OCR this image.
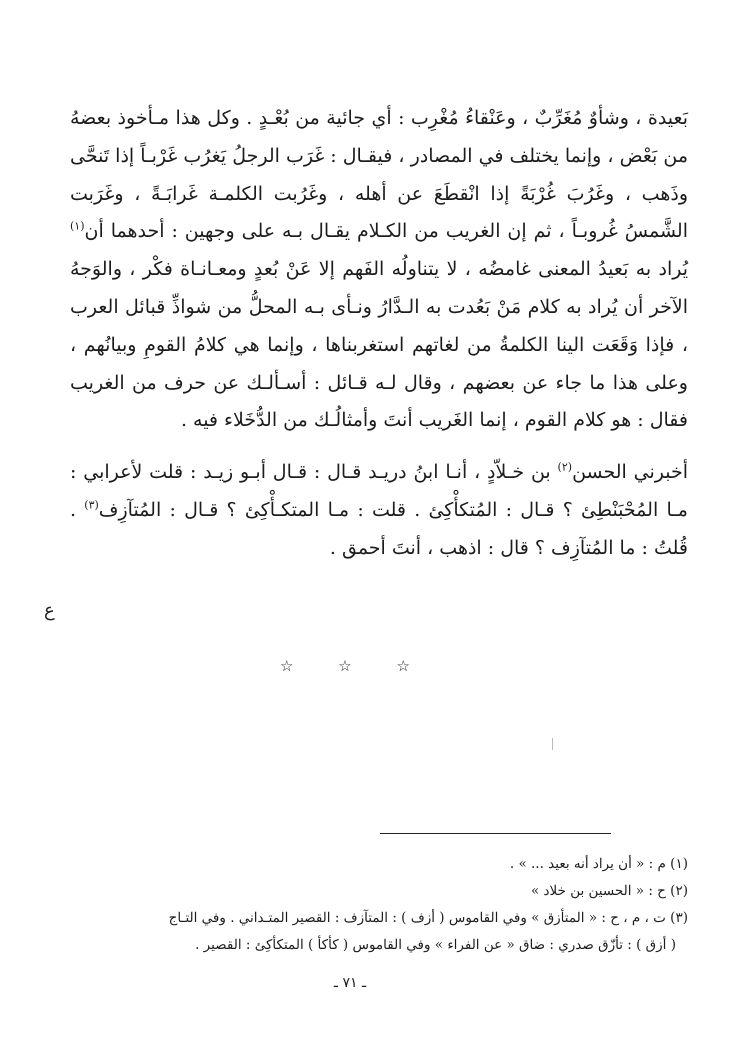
بَعيدة ، وشأوٌ مُغَرِّبٌ ، وعَنْقاءُ مُغْرِب : أي جائية من بُعْـدٍ . وكل هذا مـأخوذ بعضهُ من بَعْض ، وإنما يختلف في المصادر ، فيقـال : غَرَب الرجلُ يَغرُب غَرْبـاً إذا تَنحَّى وذَهب ، وغَرُبَ غُرْبَةً إذا انْقطَعَ عن أهله ، وغَرُبت الكلمـة غَرابَـةً ، وغَرَبت الشَّمسُ غُروبـاً ، ثم إن الغريب من الكـلام يقـال بـه على وجهين : أحدهما أن$^{(١)}$ يُراد به بَعيدُ المعنى غامضُه ، لا يتناولُه الفَهم إلا عَنْ بُعدٍ ومعـانـاة فكْر ، والوَجهُ الآخر أن يُراد به كلام مَنْ بَعُدت به الـدَّارُ ونـأى بـه المحلُّ من شواذِّ قبائل العرب ، فإذا وَقَعَت الينا الكلمةُ من لغاتهم استغربناها ، وإنما هي كلامُ القومِ وبيانُهم ، وعلى هذا ما جاء عن بعضهم ، وقال لـه قـائل : أسـألـك عن حرف من الغريب فقال : هو كلام القوم ، إنما الغَريب أنتَ وأمثالُـك من الدُّخَلاء فيه .

أخبرني الحسن$^{(٢)}$ بن خـلاّدٍ ، أنـا ابنُ دريـد قـال : قـال أبـو زيـد : قلت لأعرابي : مـا المُحْبَنْطِئ ؟ قـال : المُتكأْكِئ . قلت : مـا المتكـأْكِئ ؟ قـال : المُتآزِف$^{(٣)}$ . قُلتُ : ما المُتآزِف ؟ قال : اذهب ، أنتَ أحمق .

ع
☆	☆	☆

(١) م : « أن يراد أنه بعيد ... » .

(٢) ح : « الحسين بن خلاد »

(٣) ت ، م ، ح : « المتأزق » وفي القاموس ( أزف ) : المتآزف : القصير المتـداني . وفي التـاج

( أزق ) : تأزّق صدري : ضاق « عن الفراء » وفي القاموس ( كأكأ ) المتكأكِئ : القصير .

ـ ٧١ ـ
